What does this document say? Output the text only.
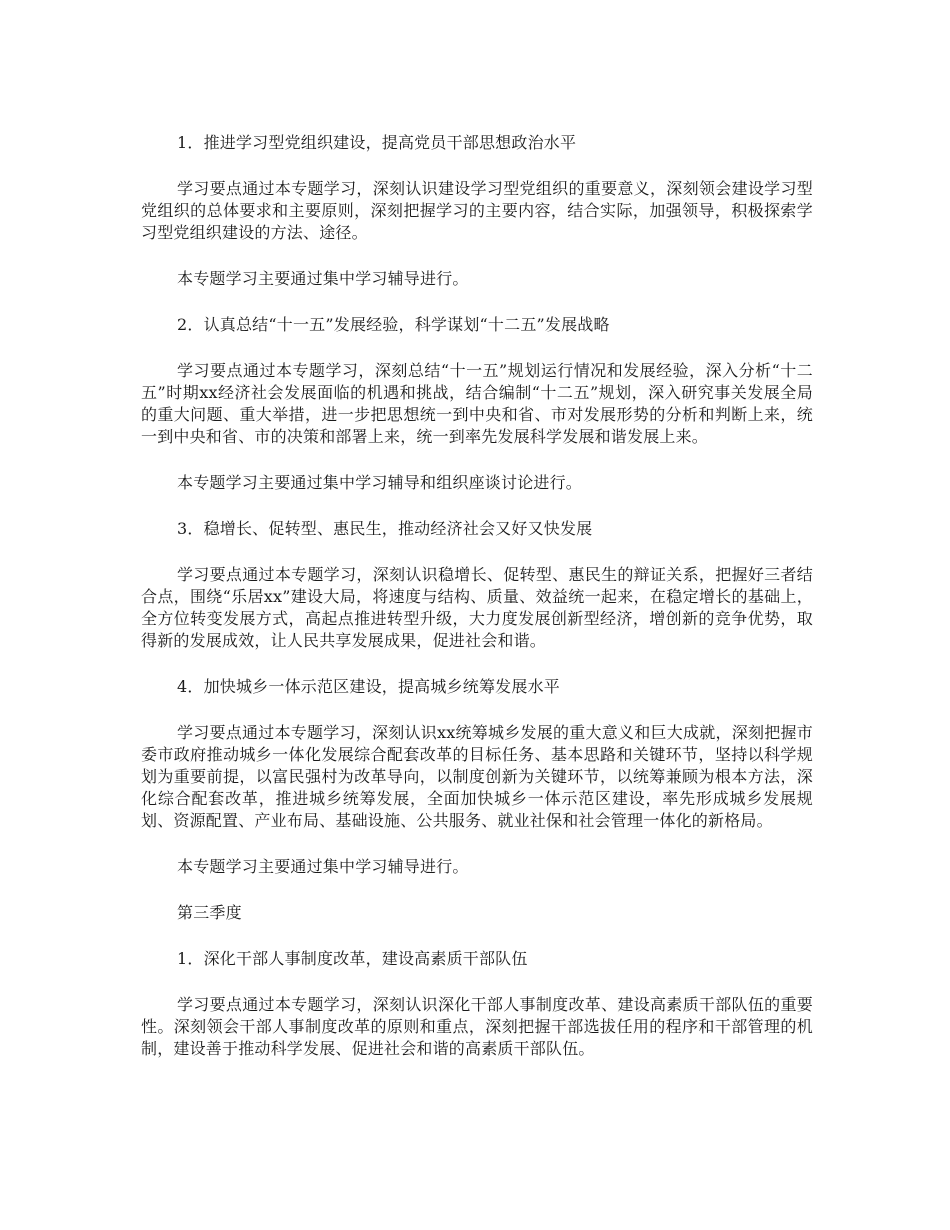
1．推进学习型党组织建设，提高党员干部思想政治水平

学习要点通过本专题学习，深刻认识建设学习型党组织的重要意义，深刻领会建设学习型党组织的总体要求和主要原则，深刻把握学习的主要内容，结合实际，加强领导，积极探索学习型党组织建设的方法、途径。

本专题学习主要通过集中学习辅导进行。

2．认真总结“十一五”发展经验，科学谋划“十二五”发展战略

学习要点通过本专题学习，深刻总结“十一五”规划运行情况和发展经验，深入分析“十二五”时期xx经济社会发展面临的机遇和挑战，结合编制“十二五”规划，深入研究事关发展全局的重大问题、重大举措，进一步把思想统一到中央和省、市对发展形势的分析和判断上来，统一到中央和省、市的决策和部署上来，统一到率先发展科学发展和谐发展上来。

本专题学习主要通过集中学习辅导和组织座谈讨论进行。

3．稳增长、促转型、惠民生，推动经济社会又好又快发展

学习要点通过本专题学习，深刻认识稳增长、促转型、惠民生的辩证关系，把握好三者结合点，围绕“乐居xx”建设大局，将速度与结构、质量、效益统一起来，在稳定增长的基础上，全方位转变发展方式，高起点推进转型升级，大力度发展创新型经济，增创新的竞争优势，取得新的发展成效，让人民共享发展成果，促进社会和谐。

4．加快城乡一体示范区建设，提高城乡统筹发展水平

学习要点通过本专题学习，深刻认识xx统筹城乡发展的重大意义和巨大成就，深刻把握市委市政府推动城乡一体化发展综合配套改革的目标任务、基本思路和关键环节，坚持以科学规划为重要前提，以富民强村为改革导向，以制度创新为关键环节，以统筹兼顾为根本方法，深化综合配套改革，推进城乡统筹发展，全面加快城乡一体示范区建设，率先形成城乡发展规划、资源配置、产业布局、基础设施、公共服务、就业社保和社会管理一体化的新格局。

本专题学习主要通过集中学习辅导进行。

第三季度

1．深化干部人事制度改革，建设高素质干部队伍

学习要点通过本专题学习，深刻认识深化干部人事制度改革、建设高素质干部队伍的重要性。深刻领会干部人事制度改革的原则和重点，深刻把握干部选拔任用的程序和干部管理的机制，建设善于推动科学发展、促进社会和谐的高素质干部队伍。
